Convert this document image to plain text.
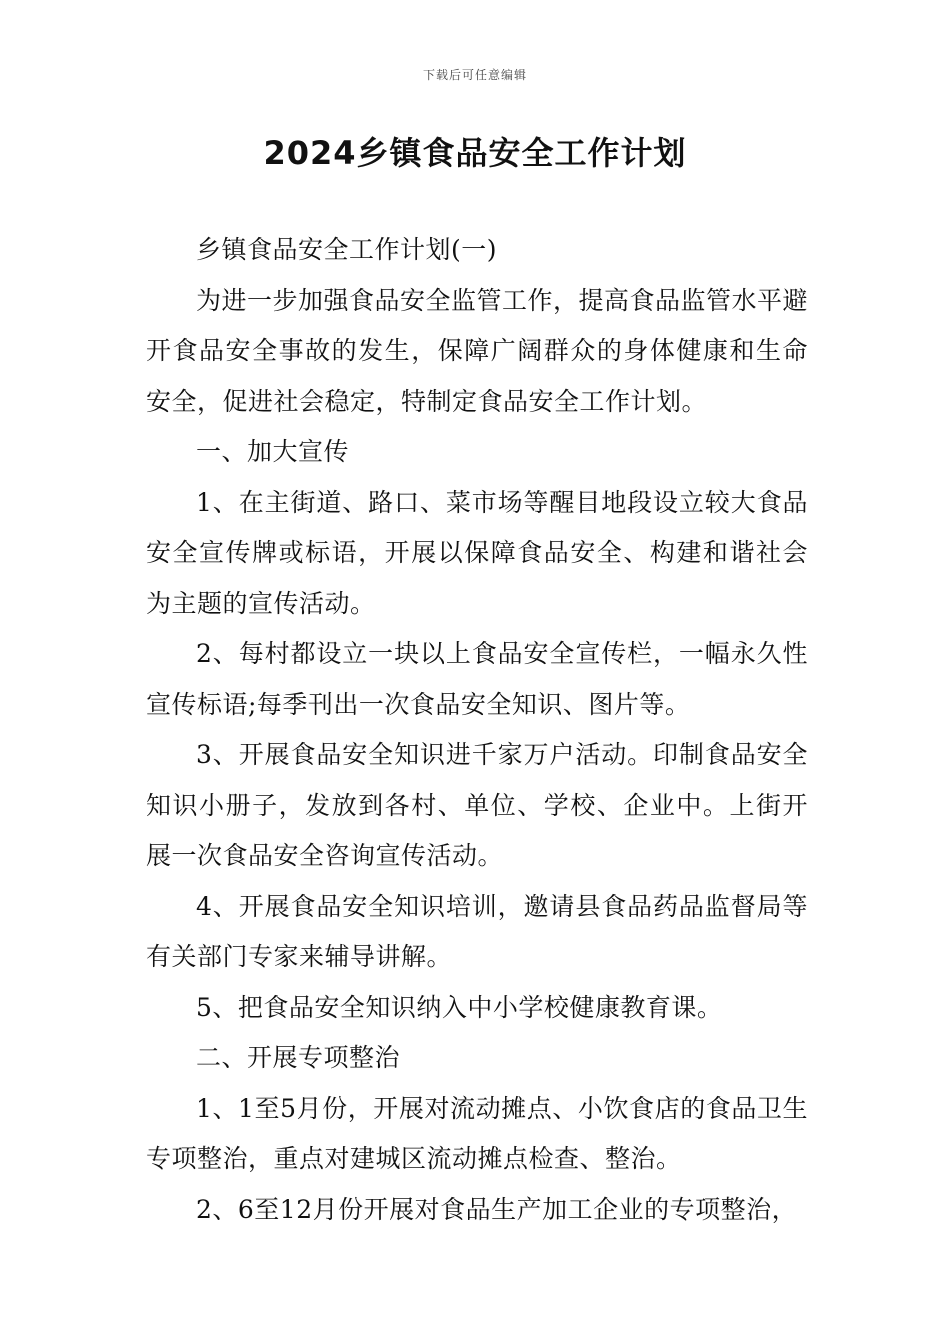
下载后可任意编辑
2024乡镇食品安全工作计划

乡镇食品安全工作计划(一)

为进一步加强食品安全监管工作，提高食品监管水平避开食品安全事故的发生，保障广阔群众的身体健康和生命安全，促进社会稳定，特制定食品安全工作计划。

一、加大宣传

1、在主街道、路口、菜市场等醒目地段设立较大食品安全宣传牌或标语，开展以保障食品安全、构建和谐社会为主题的宣传活动。

2、每村都设立一块以上食品安全宣传栏，一幅永久性宣传标语;每季刊出一次食品安全知识、图片等。

3、开展食品安全知识进千家万户活动。印制食品安全知识小册子，发放到各村、单位、学校、企业中。上街开展一次食品安全咨询宣传活动。

4、开展食品安全知识培训，邀请县食品药品监督局等有关部门专家来辅导讲解。

5、把食品安全知识纳入中小学校健康教育课。

二、开展专项整治

1、1至5月份，开展对流动摊点、小饮食店的食品卫生专项整治，重点对建城区流动摊点检查、整治。

2、6至12月份开展对食品生产加工企业的专项整治，
